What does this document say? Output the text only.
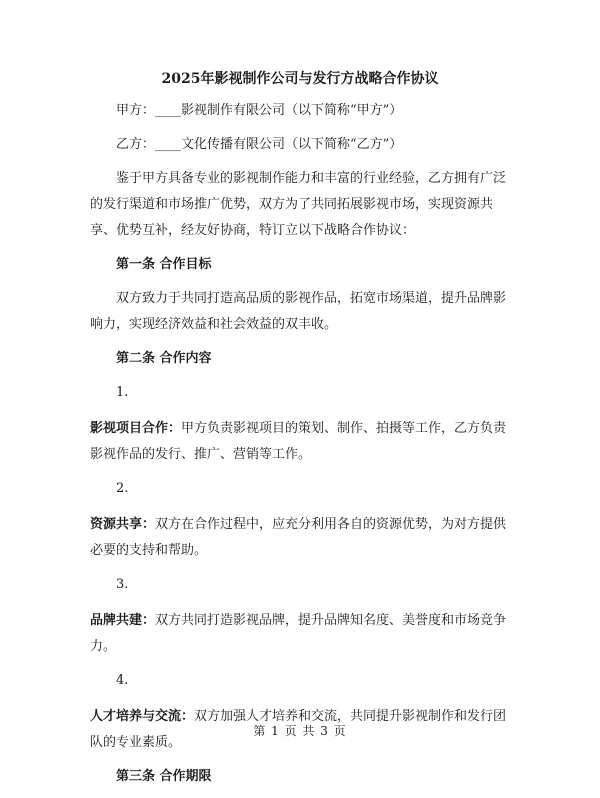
2025年影视制作公司与发行方战略合作协议

甲方：____影视制作有限公司（以下简称“甲方”）

乙方：____文化传播有限公司（以下简称“乙方”）

鉴于甲方具备专业的影视制作能力和丰富的行业经验，乙方拥有广泛的发行渠道和市场推广优势，双方为了共同拓展影视市场，实现资源共享、优势互补，经友好协商，特订立以下战略合作协议：

第一条 合作目标

双方致力于共同打造高品质的影视作品，拓宽市场渠道，提升品牌影响力，实现经济效益和社会效益的双丰收。

第二条 合作内容

1.

影视项目合作：甲方负责影视项目的策划、制作、拍摄等工作，乙方负责影视作品的发行、推广、营销等工作。

2.

资源共享：双方在合作过程中，应充分利用各自的资源优势，为对方提供必要的支持和帮助。

3.

品牌共建：双方共同打造影视品牌，提升品牌知名度、美誉度和市场竞争力。

4.

人才培养与交流：双方加强人才培养和交流，共同提升影视制作和发行团队的专业素质。

第三条 合作期限

第 1 页 共 3 页
